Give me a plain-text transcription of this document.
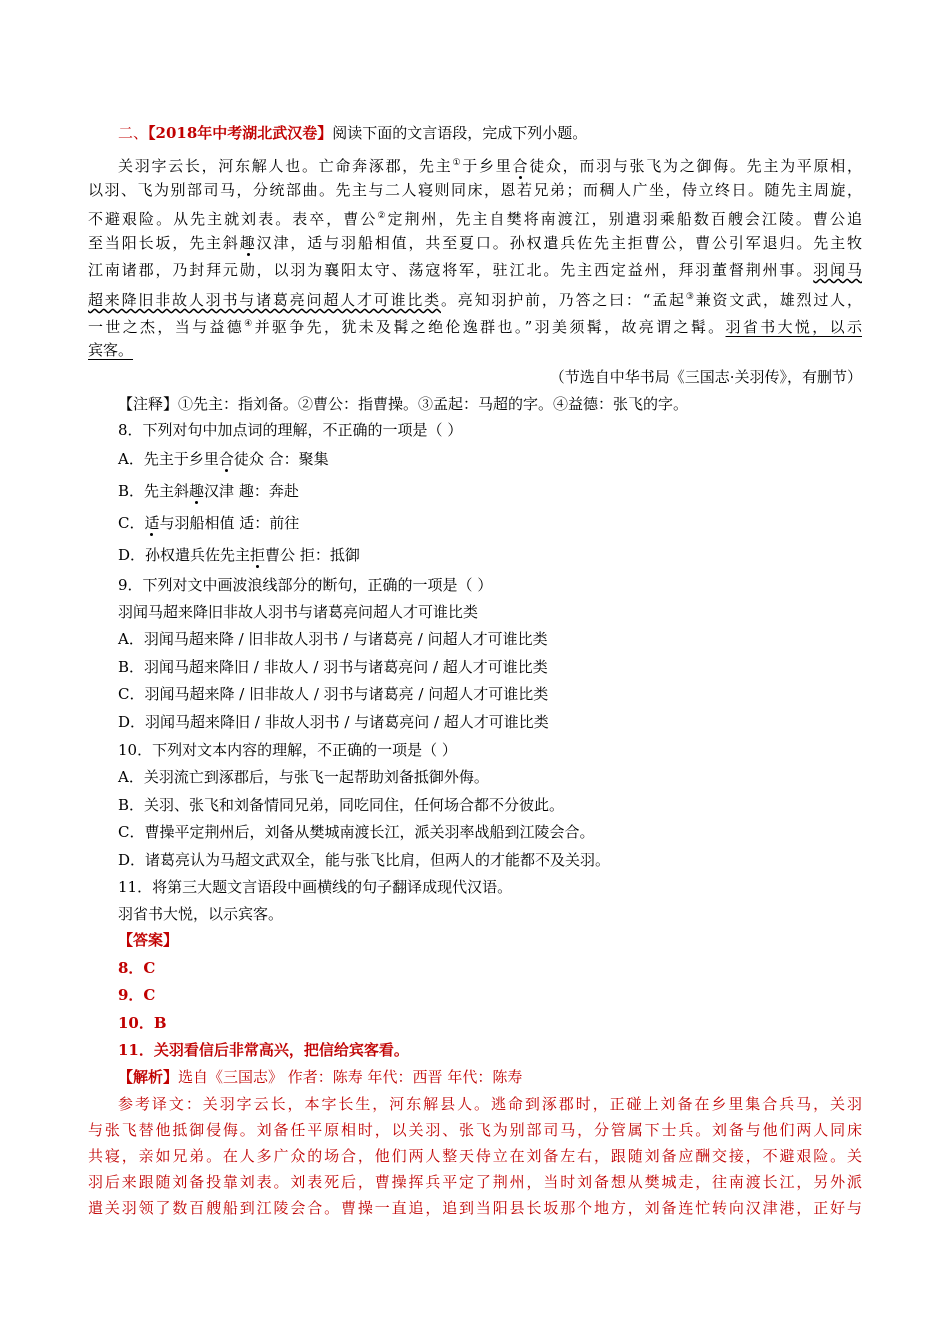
二、【2018年中考湖北武汉卷】阅读下面的文言语段，完成下列小题。
关羽字云长，河东解人也。亡命奔涿郡，先主①于乡里合徒众，而羽与张飞为之御侮。先主为平原相，
以羽、飞为别部司马，分统部曲。先主与二人寝则同床，恩若兄弟；而稠人广坐，侍立终日。随先主周旋，
不避艰险。从先主就刘表。表卒，曹公②定荆州，先主自樊将南渡江，别遣羽乘船数百艘会江陵。曹公追
至当阳长坂，先主斜趣汉津，适与羽船相值，共至夏口。孙权遣兵佐先主拒曹公，曹公引军退归。先主牧
江南诸郡，乃封拜元勋，以羽为襄阳太守、荡寇将军，驻江北。先主西定益州，拜羽董督荆州事。羽闻马
超来降旧非故人羽书与诸葛亮问超人才可谁比类。亮知羽护前，乃答之曰：“孟起③兼资文武，雄烈过人，
一世之杰，当与益德④并驱争先，犹未及髯之绝伦逸群也。”羽美须髯，故亮谓之髯。羽省书大悦，以示
宾客。
（节选自中华书局《三国志·关羽传》，有删节）
【注释】①先主：指刘备。②曹公：指曹操。③孟起：马超的字。④益德：张飞的字。
8．下列对句中加点词的理解，不正确的一项是（ ）
A．先主于乡里合徒众 合：聚集
B．先主斜趣汉津 趣：奔赴
C．适与羽船相值 适：前往
D．孙权遣兵佐先主拒曹公 拒：抵御
9．下列对文中画波浪线部分的断句，正确的一项是（ ）
羽闻马超来降旧非故人羽书与诸葛亮问超人才可谁比类
A．羽闻马超来降 / 旧非故人羽书 / 与诸葛亮 / 问超人才可谁比类
B．羽闻马超来降旧 / 非故人 / 羽书与诸葛亮问 / 超人才可谁比类
C．羽闻马超来降 / 旧非故人 / 羽书与诸葛亮 / 问超人才可谁比类
D．羽闻马超来降旧 / 非故人羽书 / 与诸葛亮问 / 超人才可谁比类
10．下列对文本内容的理解，不正确的一项是（ ）
A．关羽流亡到涿郡后，与张飞一起帮助刘备抵御外侮。
B．关羽、张飞和刘备情同兄弟，同吃同住，任何场合都不分彼此。
C．曹操平定荆州后，刘备从樊城南渡长江，派关羽率战船到江陵会合。
D．诸葛亮认为马超文武双全，能与张飞比肩，但两人的才能都不及关羽。
11．将第三大题文言语段中画横线的句子翻译成现代汉语。
羽省书大悦，以示宾客。
【答案】
8．C
9．C
10．B
11．关羽看信后非常高兴，把信给宾客看。
【解析】选自《三国志》 作者：陈寿 年代：西晋 年代：陈寿
参考译文：关羽字云长，本字长生，河东解县人。逃命到涿郡时，正碰上刘备在乡里集合兵马，关羽
与张飞替他抵御侵侮。刘备任平原相时，以关羽、张飞为别部司马，分管属下士兵。刘备与他们两人同床
共寝，亲如兄弟。在人多广众的场合，他们两人整天侍立在刘备左右，跟随刘备应酬交接，不避艰险。关
羽后来跟随刘备投靠刘表。刘表死后，曹操挥兵平定了荆州，当时刘备想从樊城走，往南渡长江，另外派
遣关羽领了数百艘船到江陵会合。曹操一直追，追到当阳县长坂那个地方，刘备连忙转向汉津港，正好与
